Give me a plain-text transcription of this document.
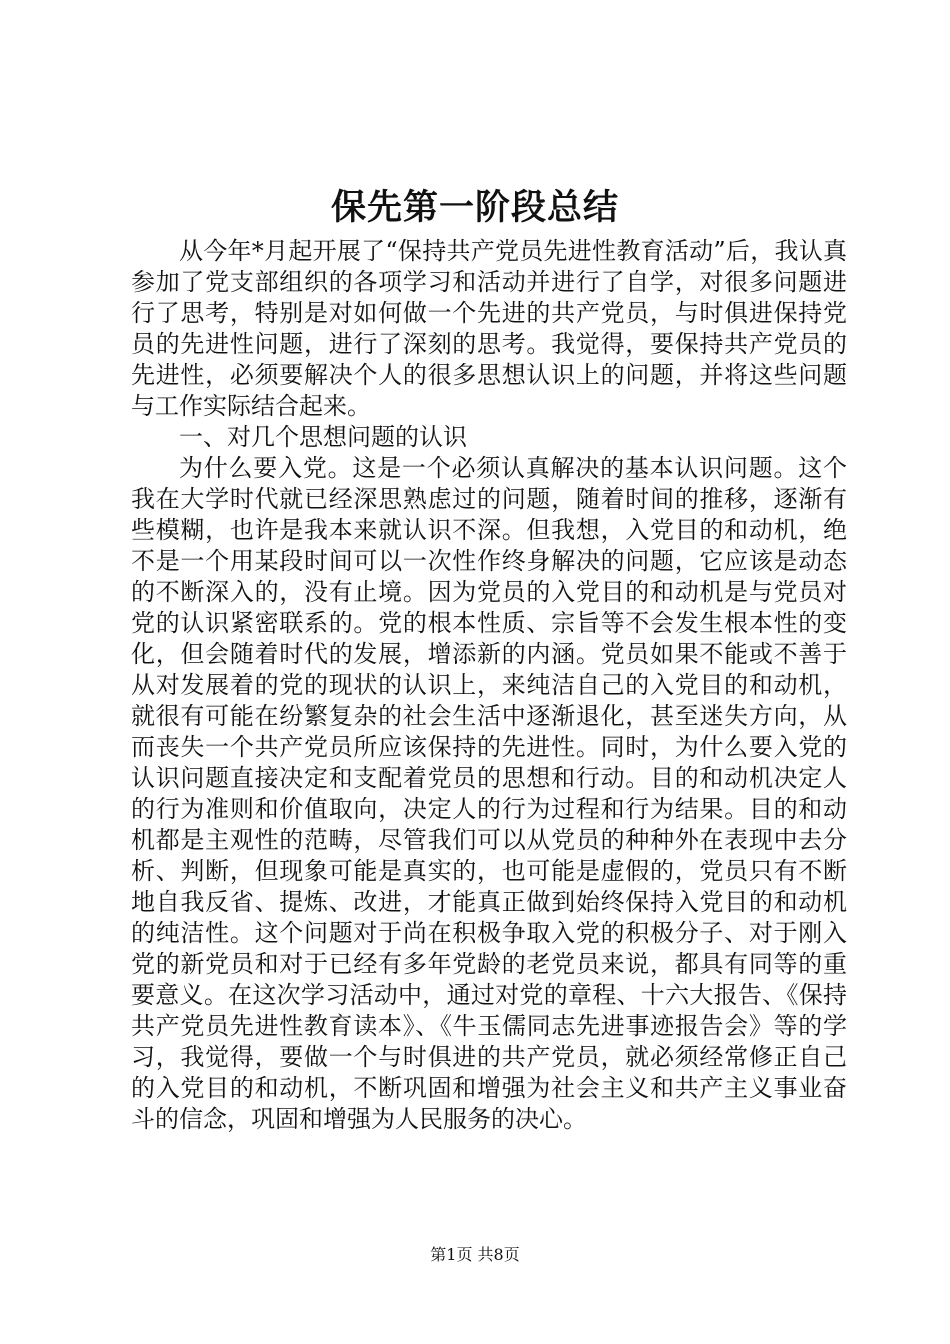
保先第一阶段总结

从今年*月起开展了“保持共产党员先进性教育活动”后，我认真参加了党支部组织的各项学习和活动并进行了自学，对很多问题进行了思考，特别是对如何做一个先进的共产党员，与时俱进保持党员的先进性问题，进行了深刻的思考。我觉得，要保持共产党员的先进性，必须要解决个人的很多思想认识上的问题，并将这些问题与工作实际结合起来。

一、对几个思想问题的认识

为什么要入党。这是一个必须认真解决的基本认识问题。这个我在大学时代就已经深思熟虑过的问题，随着时间的推移，逐渐有些模糊，也许是我本来就认识不深。但我想，入党目的和动机，绝不是一个用某段时间可以一次性作终身解决的问题，它应该是动态的不断深入的，没有止境。因为党员的入党目的和动机是与党员对党的认识紧密联系的。党的根本性质、宗旨等不会发生根本性的变化，但会随着时代的发展，增添新的内涵。党员如果不能或不善于从对发展着的党的现状的认识上，来纯洁自己的入党目的和动机，就很有可能在纷繁复杂的社会生活中逐渐退化，甚至迷失方向，从而丧失一个共产党员所应该保持的先进性。同时，为什么要入党的认识问题直接决定和支配着党员的思想和行动。目的和动机决定人的行为准则和价值取向，决定人的行为过程和行为结果。目的和动机都是主观性的范畴，尽管我们可以从党员的种种外在表现中去分析、判断，但现象可能是真实的，也可能是虚假的，党员只有不断地自我反省、提炼、改进，才能真正做到始终保持入党目的和动机的纯洁性。这个问题对于尚在积极争取入党的积极分子、对于刚入党的新党员和对于已经有多年党龄的老党员来说，都具有同等的重要意义。在这次学习活动中，通过对党的章程、十六大报告、《保持共产党员先进性教育读本》、《牛玉儒同志先进事迹报告会》等的学习，我觉得，要做一个与时俱进的共产党员，就必须经常修正自己的入党目的和动机，不断巩固和增强为社会主义和共产主义事业奋斗的信念，巩固和增强为人民服务的决心。

第1页 共8页
